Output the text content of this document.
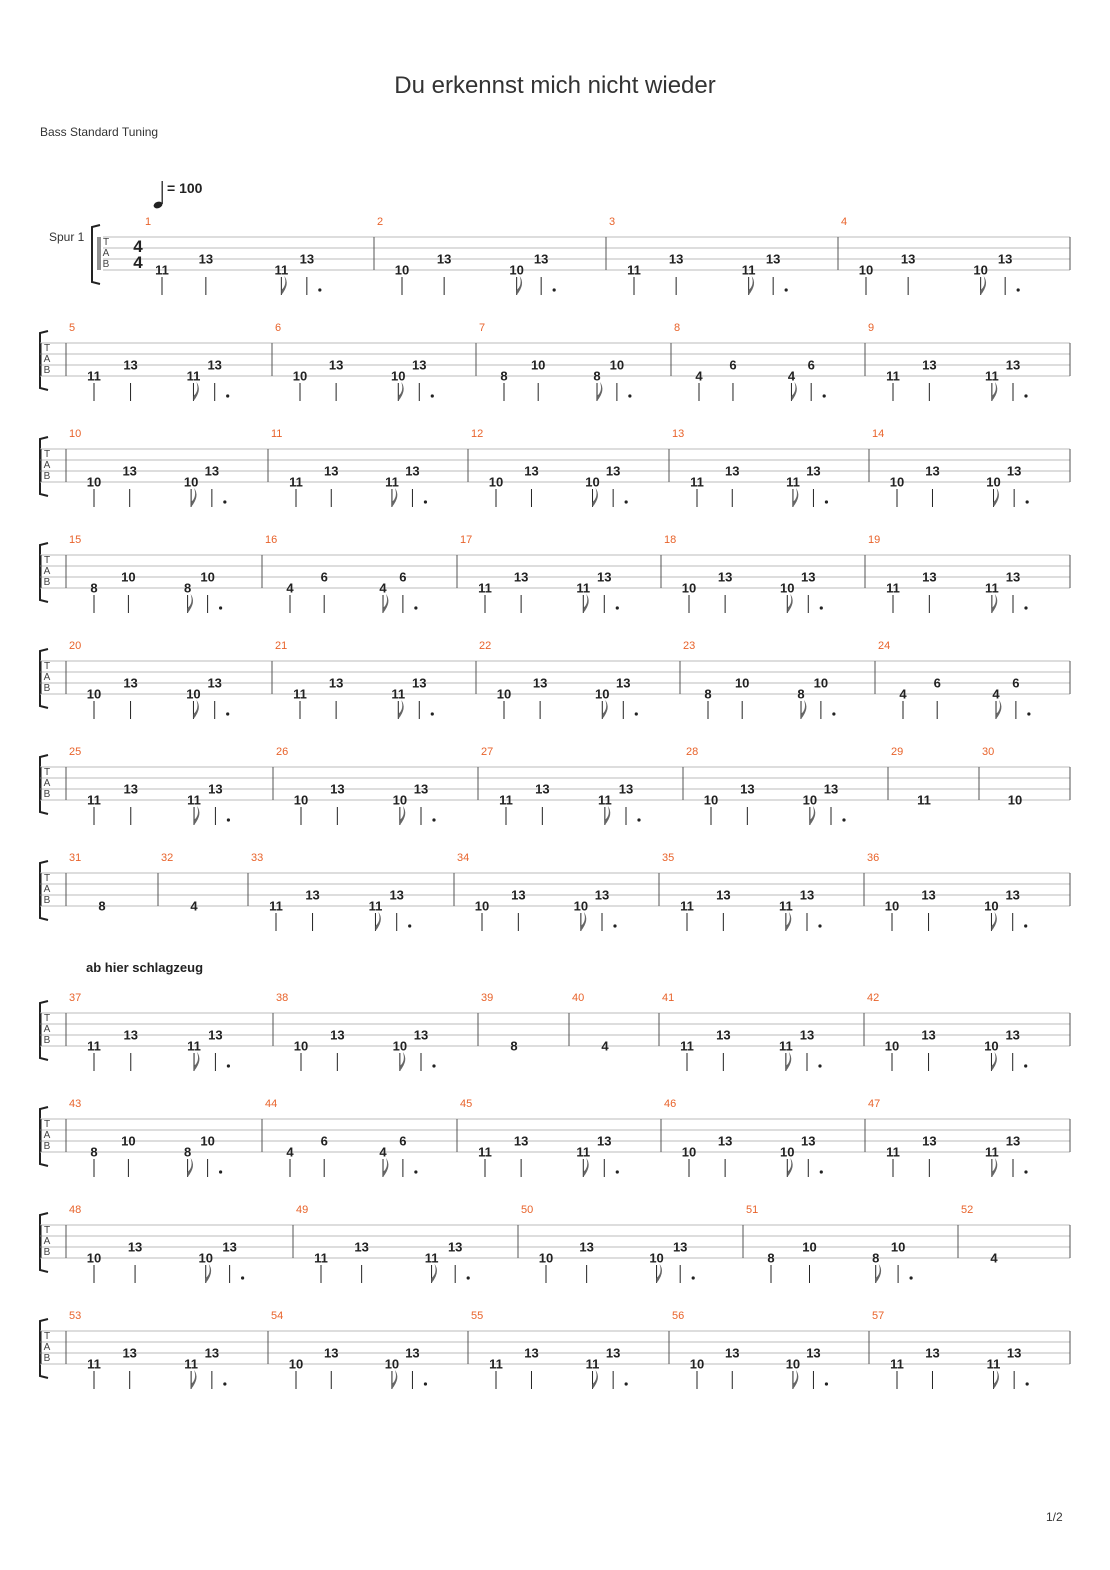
Du erkennst mich nicht wieder
Bass Standard Tuning
= 100
Spur 1
ab hier schlagzeug
T
A
B
4
4
1
11
13
11
13
2
10
13
10
13
3
11
13
11
13
4
10
13
10
13
T
A
B
5
11
13
11
13
6
10
13
10
13
7
8
10
8
10
8
4
6
4
6
9
11
13
11
13
T
A
B
10
10
13
10
13
11
11
13
11
13
12
10
13
10
13
13
11
13
11
13
14
10
13
10
13
T
A
B
15
8
10
8
10
16
4
6
4
6
17
11
13
11
13
18
10
13
10
13
19
11
13
11
13
T
A
B
20
10
13
10
13
21
11
13
11
13
22
10
13
10
13
23
8
10
8
10
24
4
6
4
6
T
A
B
25
11
13
11
13
26
10
13
10
13
27
11
13
11
13
28
10
13
10
13
29
11
30
10
T
A
B
31
8
32
4
33
11
13
11
13
34
10
13
10
13
35
11
13
11
13
36
10
13
10
13
T
A
B
37
11
13
11
13
38
10
13
10
13
39
8
40
4
41
11
13
11
13
42
10
13
10
13
T
A
B
43
8
10
8
10
44
4
6
4
6
45
11
13
11
13
46
10
13
10
13
47
11
13
11
13
T
A
B
48
10
13
10
13
49
11
13
11
13
50
10
13
10
13
51
8
10
8
10
52
4
T
A
B
53
11
13
11
13
54
10
13
10
13
55
11
13
11
13
56
10
13
10
13
57
11
13
11
13
1/2
